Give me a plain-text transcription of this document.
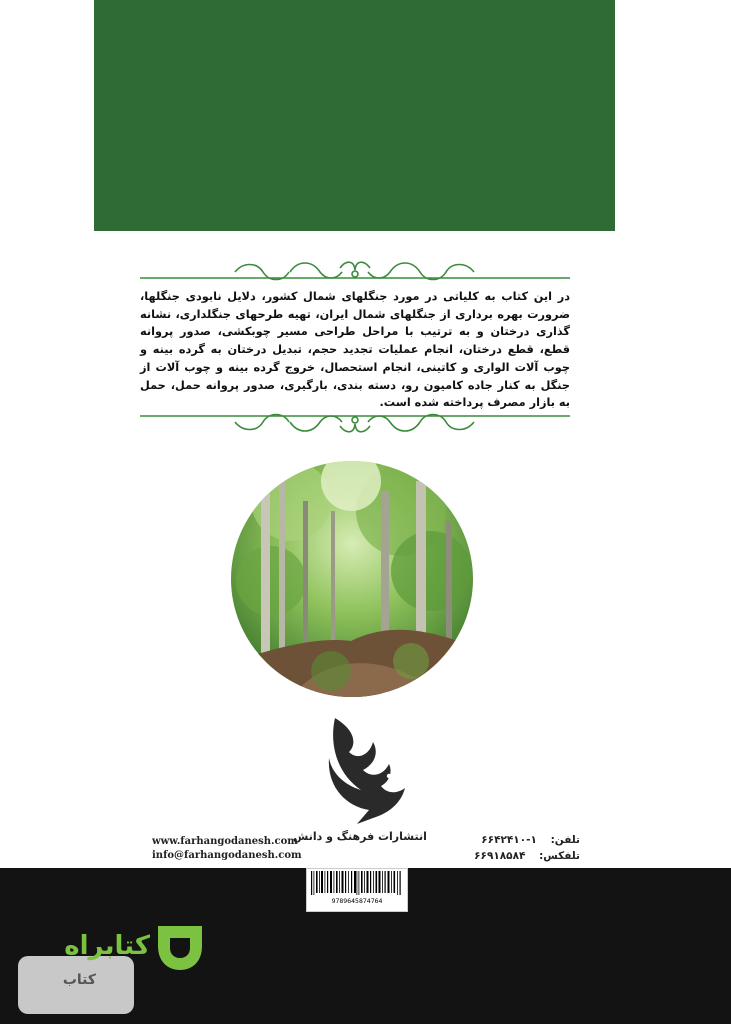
در این کتاب به کلیاتی در مورد جنگلهای شمال کشور، دلایل نابودی جنگلها، ضرورت بهره برداری از جنگلهای شمال ایران، تهیه طرحهای جنگلداری، نشانه گذاری درختان و به ترتیب با مراحل طراحی مسیر چوبکشی، صدور پروانه قطع، قطع درختان، انجام عملیات تجدید حجم، تبدیل درختان به گرده بینه و چوب آلات الواری و کاتینی، انجام استحصال، خروج گرده بینه و چوب آلات از جنگل به کنار جاده کامیون رو، دسته بندی، بارگیری، صدور پروانه حمل، حمل به بازار مصرف پرداخته شده است.

انتشارات فرهنگ و دانش
www.farhangodanesh.com
info@farhangodanesh.com
تلفن: ۶۶۴۲۴۱۰-۱
تلفکس: ۶۶۹۱۸۵۸۴
9789645874764
کتاب
کتابراه
